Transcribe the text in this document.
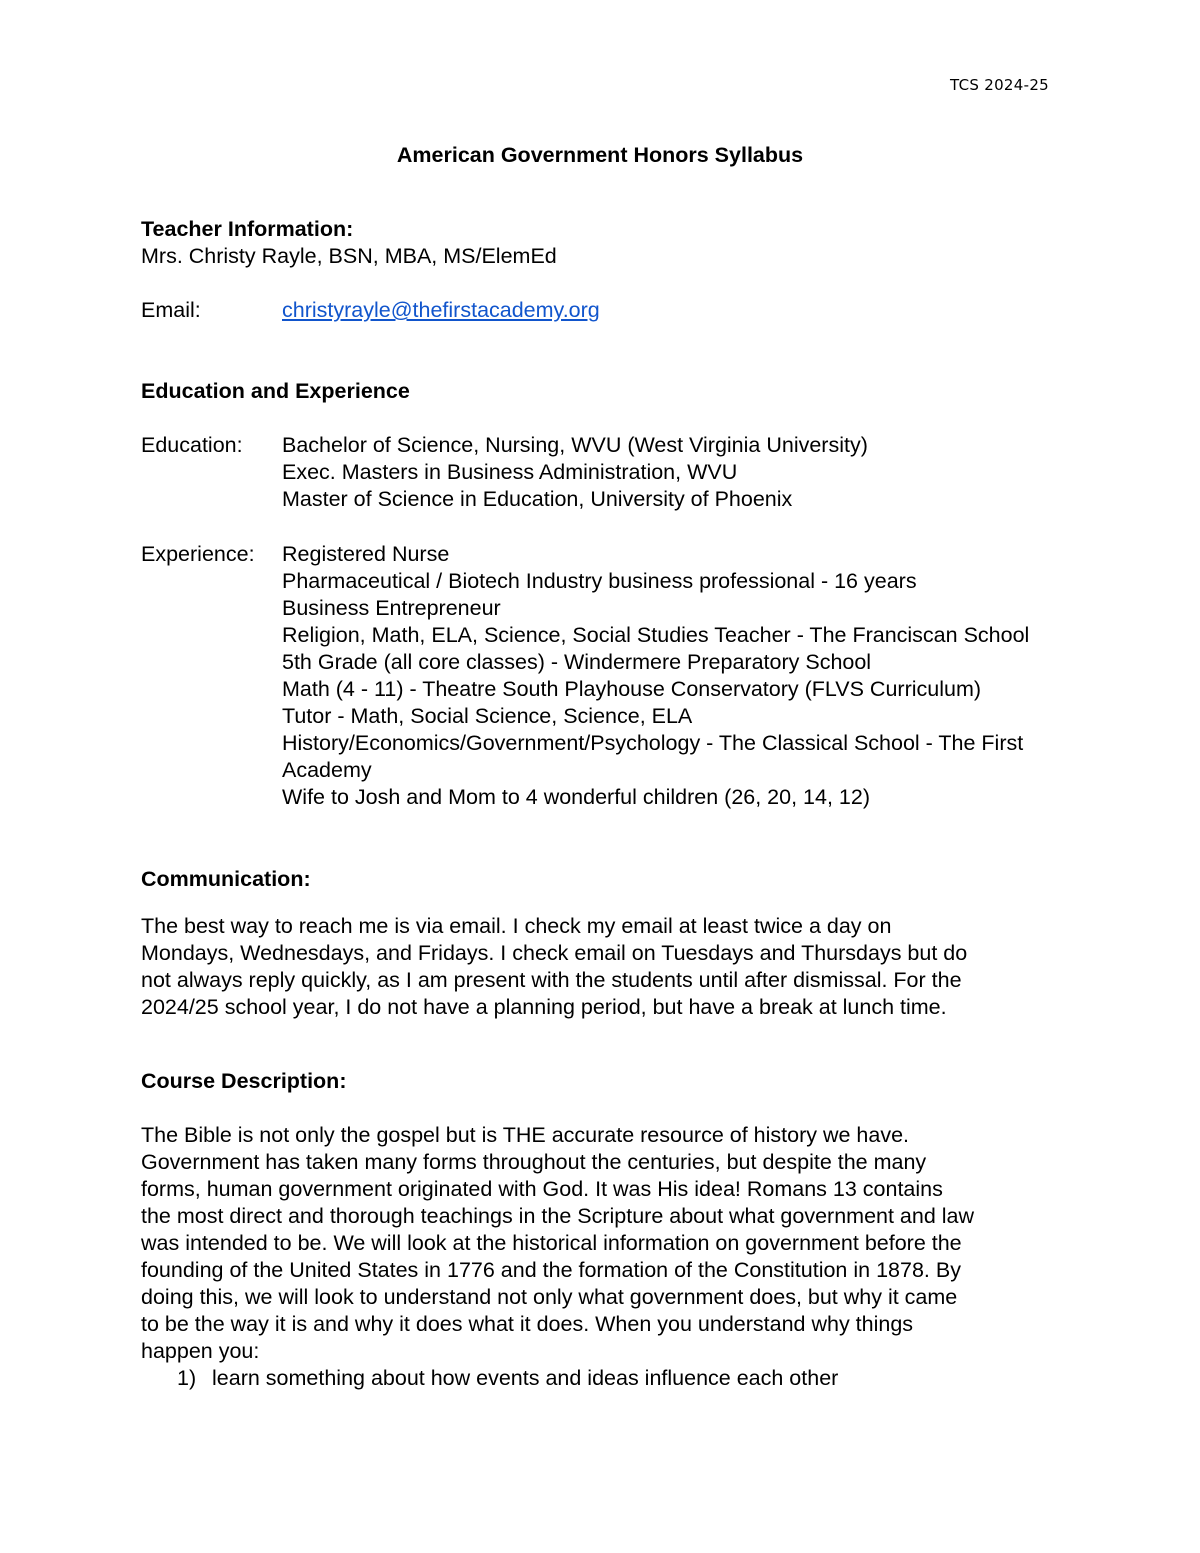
TCS 2024-25
American Government Honors Syllabus
Teacher Information:
Mrs. Christy Rayle, BSN, MBA, MS/ElemEd
Email:	christyrayle@thefirstacademy.org
Education and Experience
Education: Bachelor of Science, Nursing, WVU (West Virginia University)
Exec. Masters in Business Administration, WVU
Master of Science in Education, University of Phoenix
Experience: Registered Nurse
Pharmaceutical / Biotech Industry business professional - 16 years
Business Entrepreneur
Religion, Math, ELA, Science, Social Studies Teacher - The Franciscan School
5th Grade (all core classes) - Windermere Preparatory School
Math (4 - 11) - Theatre South Playhouse Conservatory (FLVS Curriculum)
Tutor - Math, Social Science, Science, ELA
History/Economics/Government/Psychology - The Classical School - The First
Academy
Wife to Josh and Mom to 4 wonderful children (26, 20, 14, 12)
Communication:
The best way to reach me is via email. I check my email at least twice a day on
Mondays, Wednesdays, and Fridays. I check email on Tuesdays and Thursdays but do
not always reply quickly, as I am present with the students until after dismissal. For the
2024/25 school year, I do not have a planning period, but have a break at lunch time.
Course Description:
The Bible is not only the gospel but is THE accurate resource of history we have.
Government has taken many forms throughout the centuries, but despite the many
forms, human government originated with God. It was His idea! Romans 13 contains
the most direct and thorough teachings in the Scripture about what government and law
was intended to be. We will look at the historical information on government before the
founding of the United States in 1776 and the formation of the Constitution in 1878. By
doing this, we will look to understand not only what government does, but why it came
to be the way it is and why it does what it does. When you understand why things
happen you:
1) learn something about how events and ideas influence each other
